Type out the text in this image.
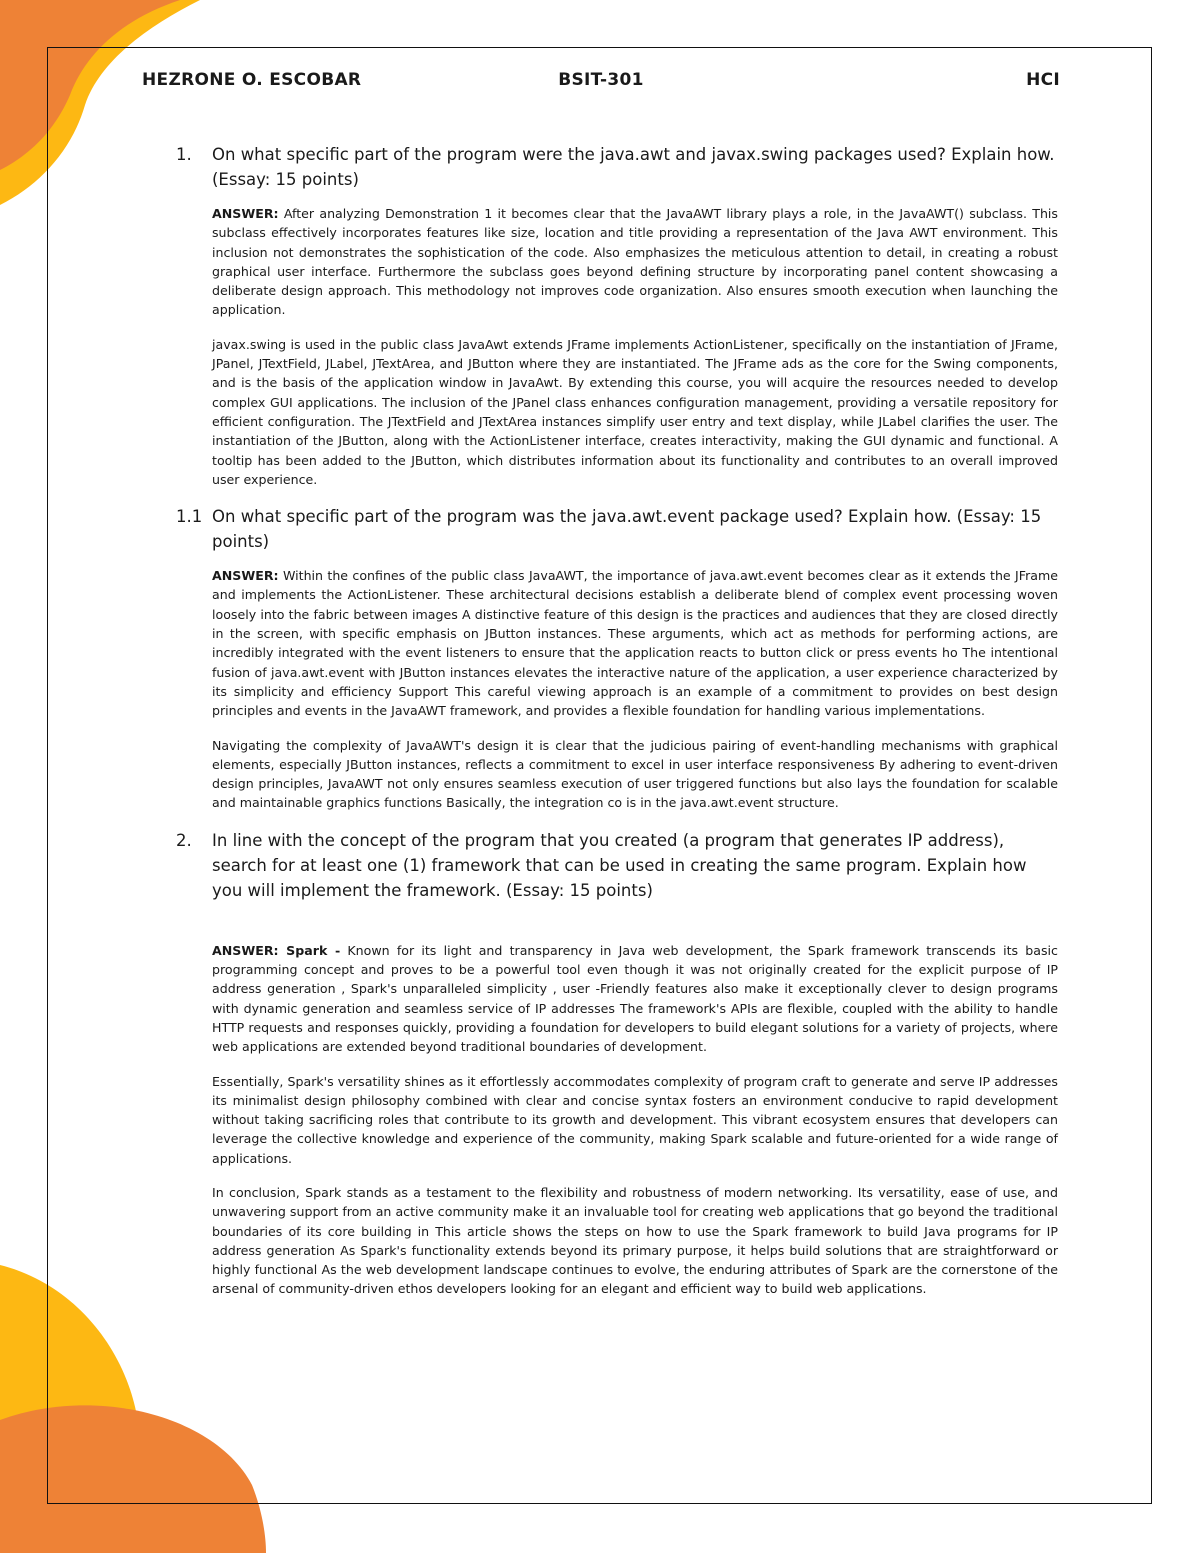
HEZRONE O. ESCOBAR	BSIT-301	HCI
1. On what specific part of the program were the java.awt and javax.swing packages used? Explain how. (Essay: 15 points)

ANSWER: After analyzing Demonstration 1 it becomes clear that the JavaAWT library plays a role, in the JavaAWT() subclass. This subclass effectively incorporates features like size, location and title providing a representation of the Java AWT environment. This inclusion not demonstrates the sophistication of the code. Also emphasizes the meticulous attention to detail, in creating a robust graphical user interface. Furthermore the subclass goes beyond defining structure by incorporating panel content showcasing a deliberate design approach. This methodology not improves code organization. Also ensures smooth execution when launching the application.

javax.swing is used in the public class JavaAwt extends JFrame implements ActionListener, specifically on the instantiation of JFrame, JPanel, JTextField, JLabel, JTextArea, and JButton where they are instantiated. The JFrame ads as the core for the Swing components, and is the basis of the application window in JavaAwt. By extending this course, you will acquire the resources needed to develop complex GUI applications. The inclusion of the JPanel class enhances configuration management, providing a versatile repository for efficient configuration. The JTextField and JTextArea instances simplify user entry and text display, while JLabel clarifies the user. The instantiation of the JButton, along with the ActionListener interface, creates interactivity, making the GUI dynamic and functional. A tooltip has been added to the JButton, which distributes information about its functionality and contributes to an overall improved user experience.

1.1 On what specific part of the program was the java.awt.event package used? Explain how. (Essay: 15 points)

ANSWER: Within the confines of the public class JavaAWT, the importance of java.awt.event becomes clear as it extends the JFrame and implements the ActionListener. These architectural decisions establish a deliberate blend of complex event processing woven loosely into the fabric between images A distinctive feature of this design is the practices and audiences that they are closed directly in the screen, with specific emphasis on JButton instances. These arguments, which act as methods for performing actions, are incredibly integrated with the event listeners to ensure that the application reacts to button click or press events ho The intentional fusion of java.awt.event with JButton instances elevates the interactive nature of the application, a user experience characterized by its simplicity and efficiency Support This careful viewing approach is an example of a commitment to provides on best design principles and events in the JavaAWT framework, and provides a flexible foundation for handling various implementations.

Navigating the complexity of JavaAWT's design it is clear that the judicious pairing of event-handling mechanisms with graphical elements, especially JButton instances, reflects a commitment to excel in user interface responsiveness By adhering to event-driven design principles, JavaAWT not only ensures seamless execution of user triggered functions but also lays the foundation for scalable and maintainable graphics functions Basically, the integration co is in the java.awt.event structure.

2. In line with the concept of the program that you created (a program that generates IP address), search for at least one (1) framework that can be used in creating the same program. Explain how you will implement the framework. (Essay: 15 points)

ANSWER: Spark - Known for its light and transparency in Java web development, the Spark framework transcends its basic programming concept and proves to be a powerful tool even though it was not originally created for the explicit purpose of IP address generation , Spark's unparalleled simplicity , user -Friendly features also make it exceptionally clever to design programs with dynamic generation and seamless service of IP addresses The framework's APIs are flexible, coupled with the ability to handle HTTP requests and responses quickly, providing a foundation for developers to build elegant solutions for a variety of projects, where web applications are extended beyond traditional boundaries of development.

Essentially, Spark's versatility shines as it effortlessly accommodates complexity of program craft to generate and serve IP addresses its minimalist design philosophy combined with clear and concise syntax fosters an environment conducive to rapid development without taking sacrificing roles that contribute to its growth and development. This vibrant ecosystem ensures that developers can leverage the collective knowledge and experience of the community, making Spark scalable and future-oriented for a wide range of applications.

In conclusion, Spark stands as a testament to the flexibility and robustness of modern networking. Its versatility, ease of use, and unwavering support from an active community make it an invaluable tool for creating web applications that go beyond the traditional boundaries of its core building in This article shows the steps on how to use the Spark framework to build Java programs for IP address generation As Spark's functionality extends beyond its primary purpose, it helps build solutions that are straightforward or highly functional As the web development landscape continues to evolve, the enduring attributes of Spark are the cornerstone of the arsenal of community-driven ethos developers looking for an elegant and efficient way to build web applications.
